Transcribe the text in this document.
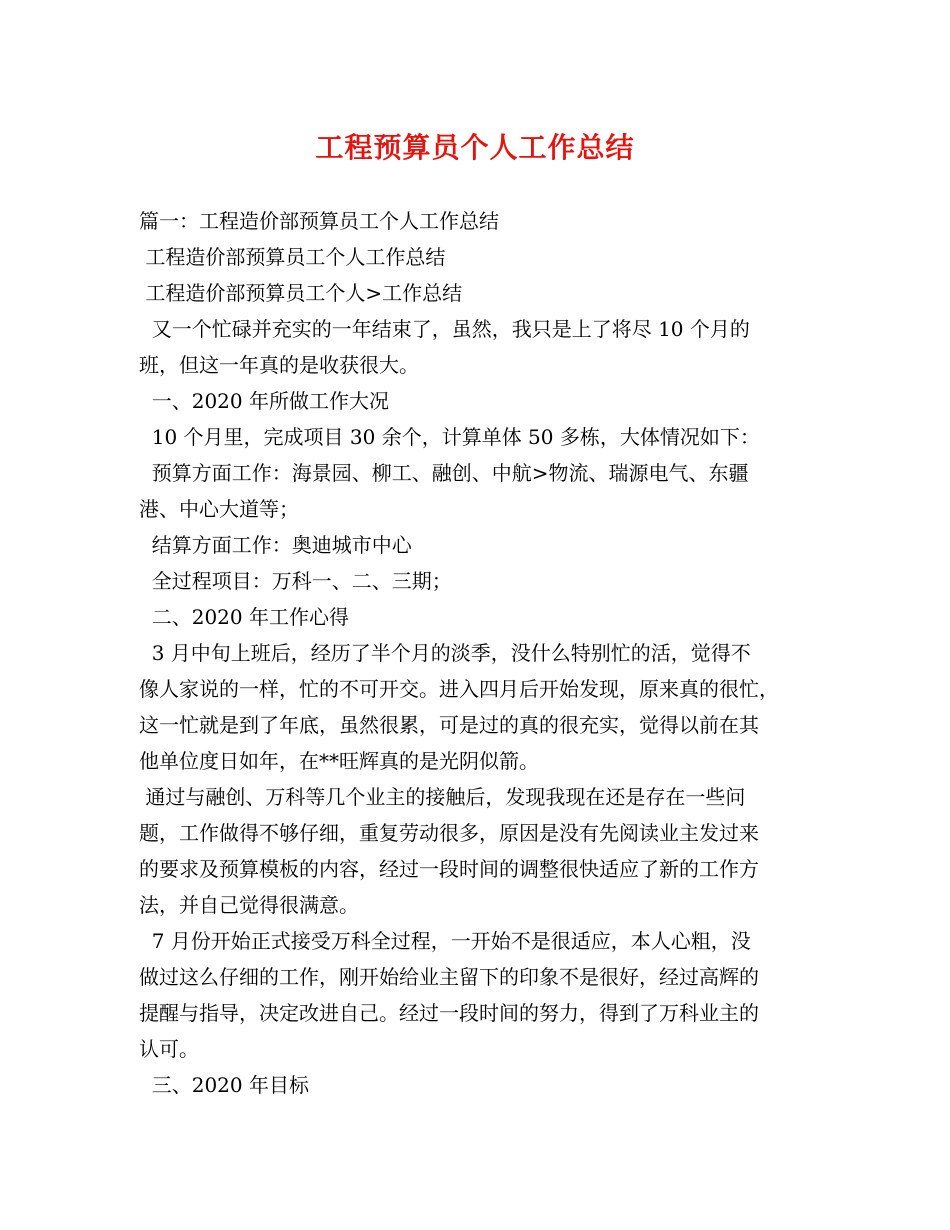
工程预算员个人工作总结

篇一：工程造价部预算员工个人工作总结

工程造价部预算员工个人工作总结

工程造价部预算员工个人>工作总结

又一个忙碌并充实的一年结束了，虽然，我只是上了将尽 10 个月的

班，但这一年真的是收获很大。

一、2020 年所做工作大况

10 个月里，完成项目 30 余个，计算单体 50 多栋，大体情况如下：

预算方面工作：海景园、柳工、融创、中航>物流、瑞源电气、东疆

港、中心大道等；

结算方面工作：奥迪城市中心

全过程项目：万科一、二、三期；

二、2020 年工作心得

3 月中旬上班后，经历了半个月的淡季，没什么特别忙的活，觉得不

像人家说的一样，忙的不可开交。进入四月后开始发现，原来真的很忙，

这一忙就是到了年底，虽然很累，可是过的真的很充实，觉得以前在其

他单位度日如年，在**旺辉真的是光阴似箭。

通过与融创、万科等几个业主的接触后，发现我现在还是存在一些问

题，工作做得不够仔细，重复劳动很多，原因是没有先阅读业主发过来

的要求及预算模板的内容，经过一段时间的调整很快适应了新的工作方

法，并自己觉得很满意。

7 月份开始正式接受万科全过程，一开始不是很适应，本人心粗，没

做过这么仔细的工作，刚开始给业主留下的印象不是很好，经过高辉的

提醒与指导，决定改进自己。经过一段时间的努力，得到了万科业主的

认可。

三、2020 年目标
